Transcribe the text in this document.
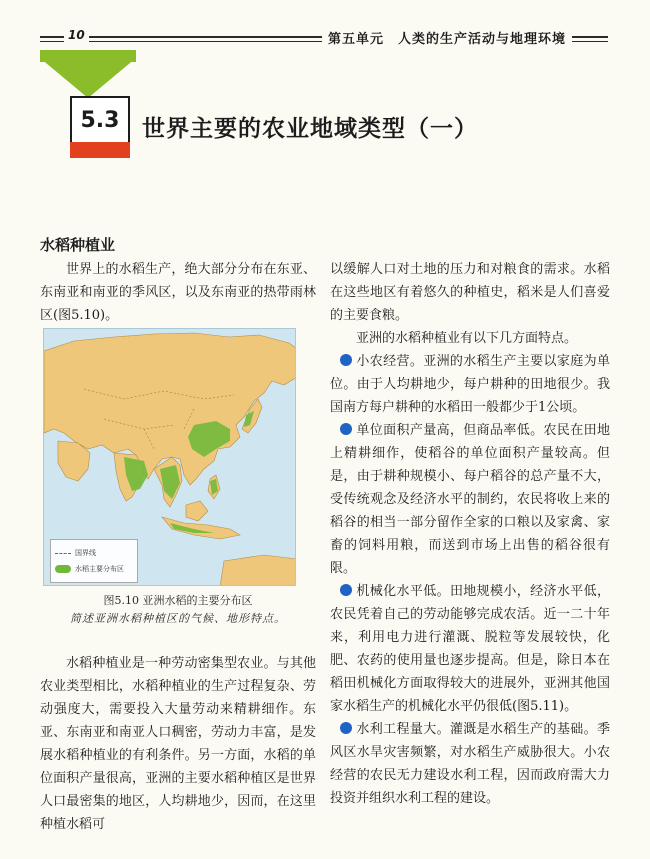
10	第五单元　人类的生产活动与地理环境
5.3 世界主要的农业地域类型（一）
水稻种植业

世界上的水稻生产，绝大部分分布在东亚、东南亚和南亚的季风区，以及东南亚的热带雨林区(图5.10)。

国界线
水稻主要分布区
图5.10 亚洲水稻的主要分布区
简述亚洲水稻种植区的气候、地形特点。

水稻种植业是一种劳动密集型农业。与其他农业类型相比，水稻种植业的生产过程复杂、劳动强度大，需要投入大量劳动来精耕细作。东亚、东南亚和南亚人口稠密，劳动力丰富，是发展水稻种植业的有利条件。另一方面，水稻的单位面积产量很高，亚洲的主要水稻种植区是世界人口最密集的地区，人均耕地少，因而，在这里种植水稻可

以缓解人口对土地的压力和对粮食的需求。水稻在这些地区有着悠久的种植史，稻米是人们喜爱的主要食粮。

亚洲的水稻种植业有以下几方面特点。

小农经营。亚洲的水稻生产主要以家庭为单位。由于人均耕地少，每户耕种的田地很少。我国南方每户耕种的水稻田一般都少于1公顷。

单位面积产量高，但商品率低。农民在田地上精耕细作，使稻谷的单位面积产量较高。但是，由于耕种规模小、每户稻谷的总产量不大，受传统观念及经济水平的制约，农民将收上来的稻谷的相当一部分留作全家的口粮以及家禽、家畜的饲料用粮，而送到市场上出售的稻谷很有限。

机械化水平低。田地规模小，经济水平低，农民凭着自己的劳动能够完成农活。近一二十年来，利用电力进行灌溉、脱粒等发展较快，化肥、农药的使用量也逐步提高。但是，除日本在稻田机械化方面取得较大的进展外，亚洲其他国家水稻生产的机械化水平仍很低(图5.11)。

水利工程量大。灌溉是水稻生产的基础。季风区水旱灾害频繁，对水稻生产威胁很大。小农经营的农民无力建设水利工程，因而政府需大力投资并组织水利工程的建设。
